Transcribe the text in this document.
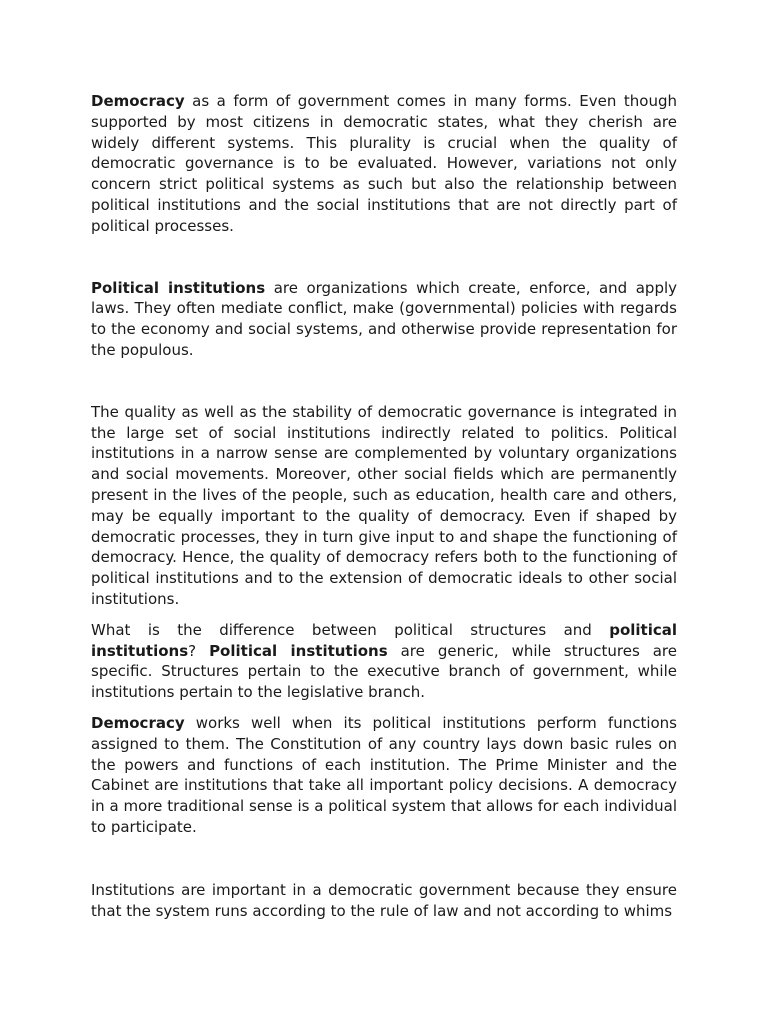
Democracy as a form of government comes in many forms. Even though supported by most citizens in democratic states, what they cherish are widely different systems. This plurality is crucial when the quality of democratic governance is to be evaluated. However, variations not only concern strict political systems as such but also the relationship between political institutions and the social institutions that are not directly part of political processes.

Political institutions are organizations which create, enforce, and apply laws. They often mediate conflict, make (governmental) policies with regards to the economy and social systems, and otherwise provide representation for the populous.

The quality as well as the stability of democratic governance is integrated in the large set of social institutions indirectly related to politics. Political institutions in a narrow sense are complemented by voluntary organizations and social movements. Moreover, other social fields which are permanently present in the lives of the people, such as education, health care and others, may be equally important to the quality of democracy. Even if shaped by democratic processes, they in turn give input to and shape the functioning of democracy. Hence, the quality of democracy refers both to the functioning of political institutions and to the extension of democratic ideals to other social institutions.

What is the difference between political structures and political institutions? Political institutions are generic, while structures are specific. Structures pertain to the executive branch of government, while institutions pertain to the legislative branch.

Democracy works well when its political institutions perform functions assigned to them. The Constitution of any country lays down basic rules on the powers and functions of each institution. The Prime Minister and the Cabinet are institutions that take all important policy decisions. A democracy in a more traditional sense is a political system that allows for each individual to participate.

Institutions are important in a democratic government because they ensure that the system runs according to the rule of law and not according to whims
